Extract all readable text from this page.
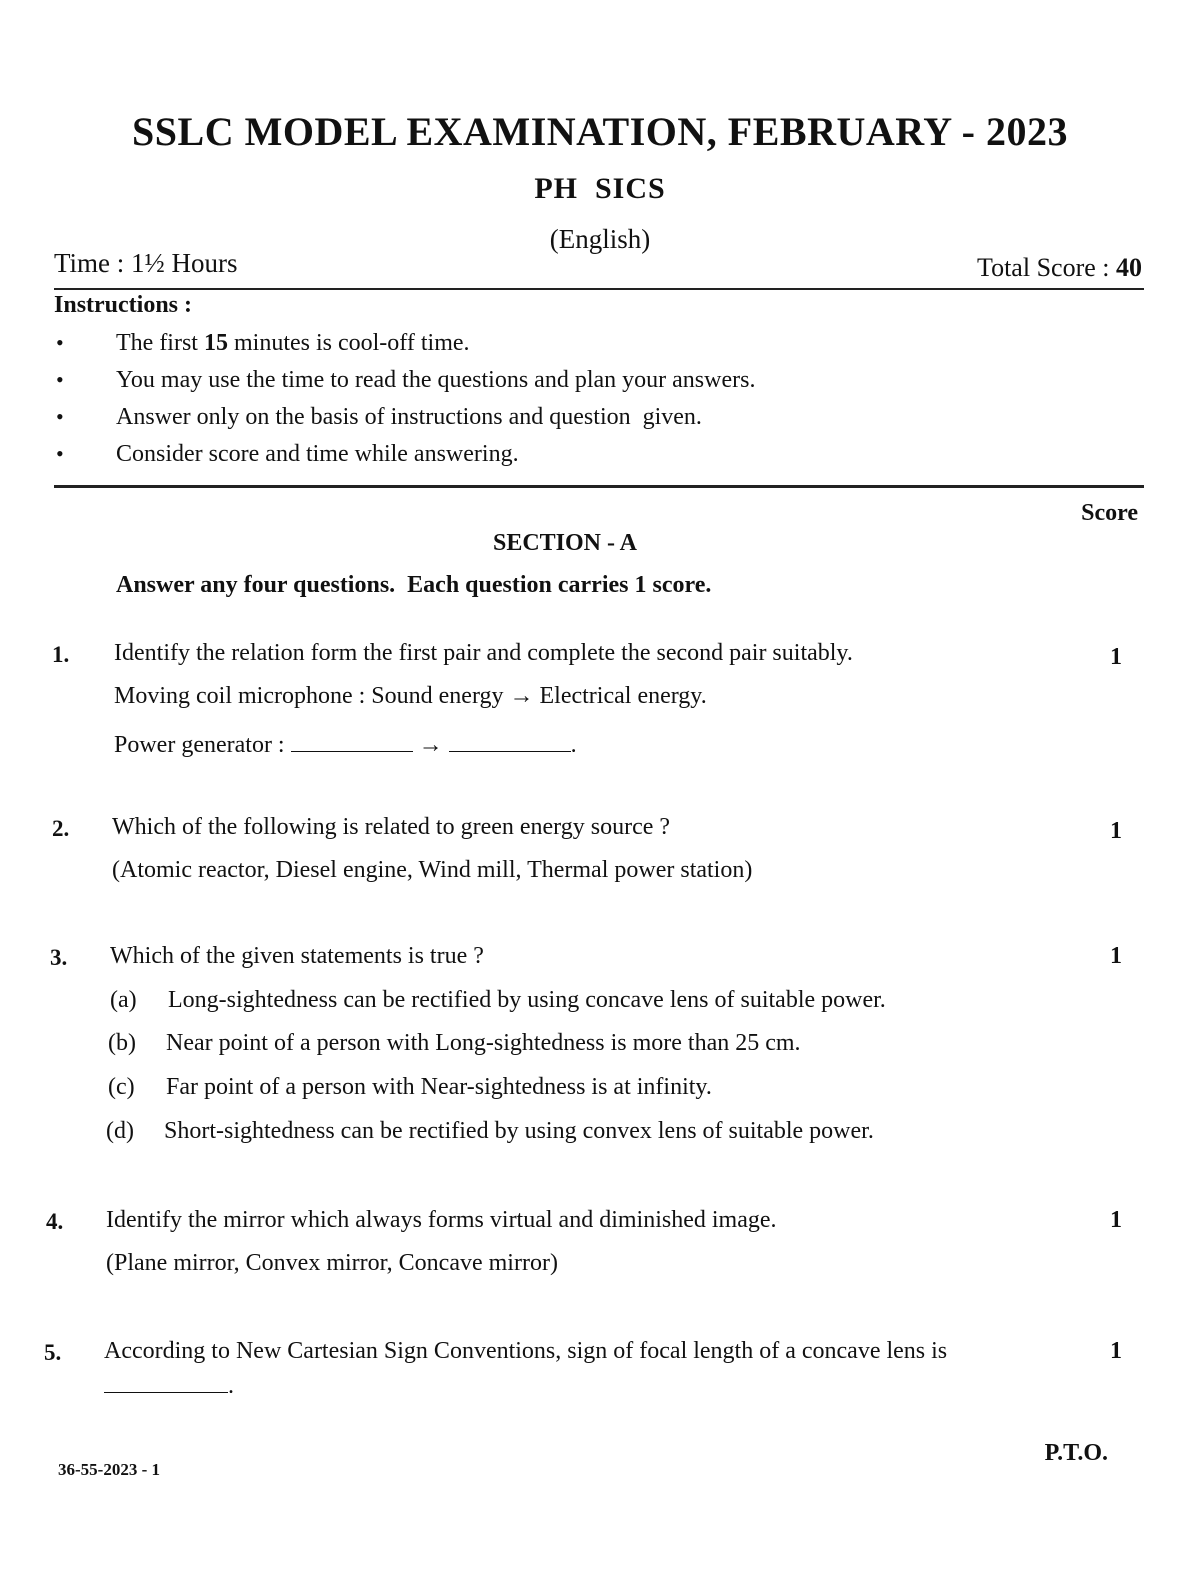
SSLC MODEL EXAMINATION, FEBRUARY - 2023
PH  SICS
(English)
Time : 1½ Hours	Total Score : 40
Instructions :
• The first 15 minutes is cool-off time.
• You may use the time to read the questions and plan your answers.
• Answer only on the basis of instructions and question  given.
• Consider score and time while answering.
Score
SECTION - A
Answer any four questions.  Each question carries 1 score.
1. Identify the relation form the first pair and complete the second pair suitably.	1
Moving coil microphone : Sound energy → Electrical energy.
Power generator :	→	.
2. Which of the following is related to green energy source ?	1
(Atomic reactor, Diesel engine, Wind mill, Thermal power station)
3. Which of the given statements is true ?	1
(a) Long-sightedness can be rectified by using concave lens of suitable power.
(b) Near point of a person with Long-sightedness is more than 25 cm.
(c) Far point of a person with Near-sightedness is at infinity.
(d) Short-sightedness can be rectified by using convex lens of suitable power.
4. Identify the mirror which always forms virtual and diminished image.	1
(Plane mirror, Convex mirror, Concave mirror)
5. According to New Cartesian Sign Conventions, sign of focal length of a concave lens is	1
.
36-55-2023 - 1
P.T.O.
